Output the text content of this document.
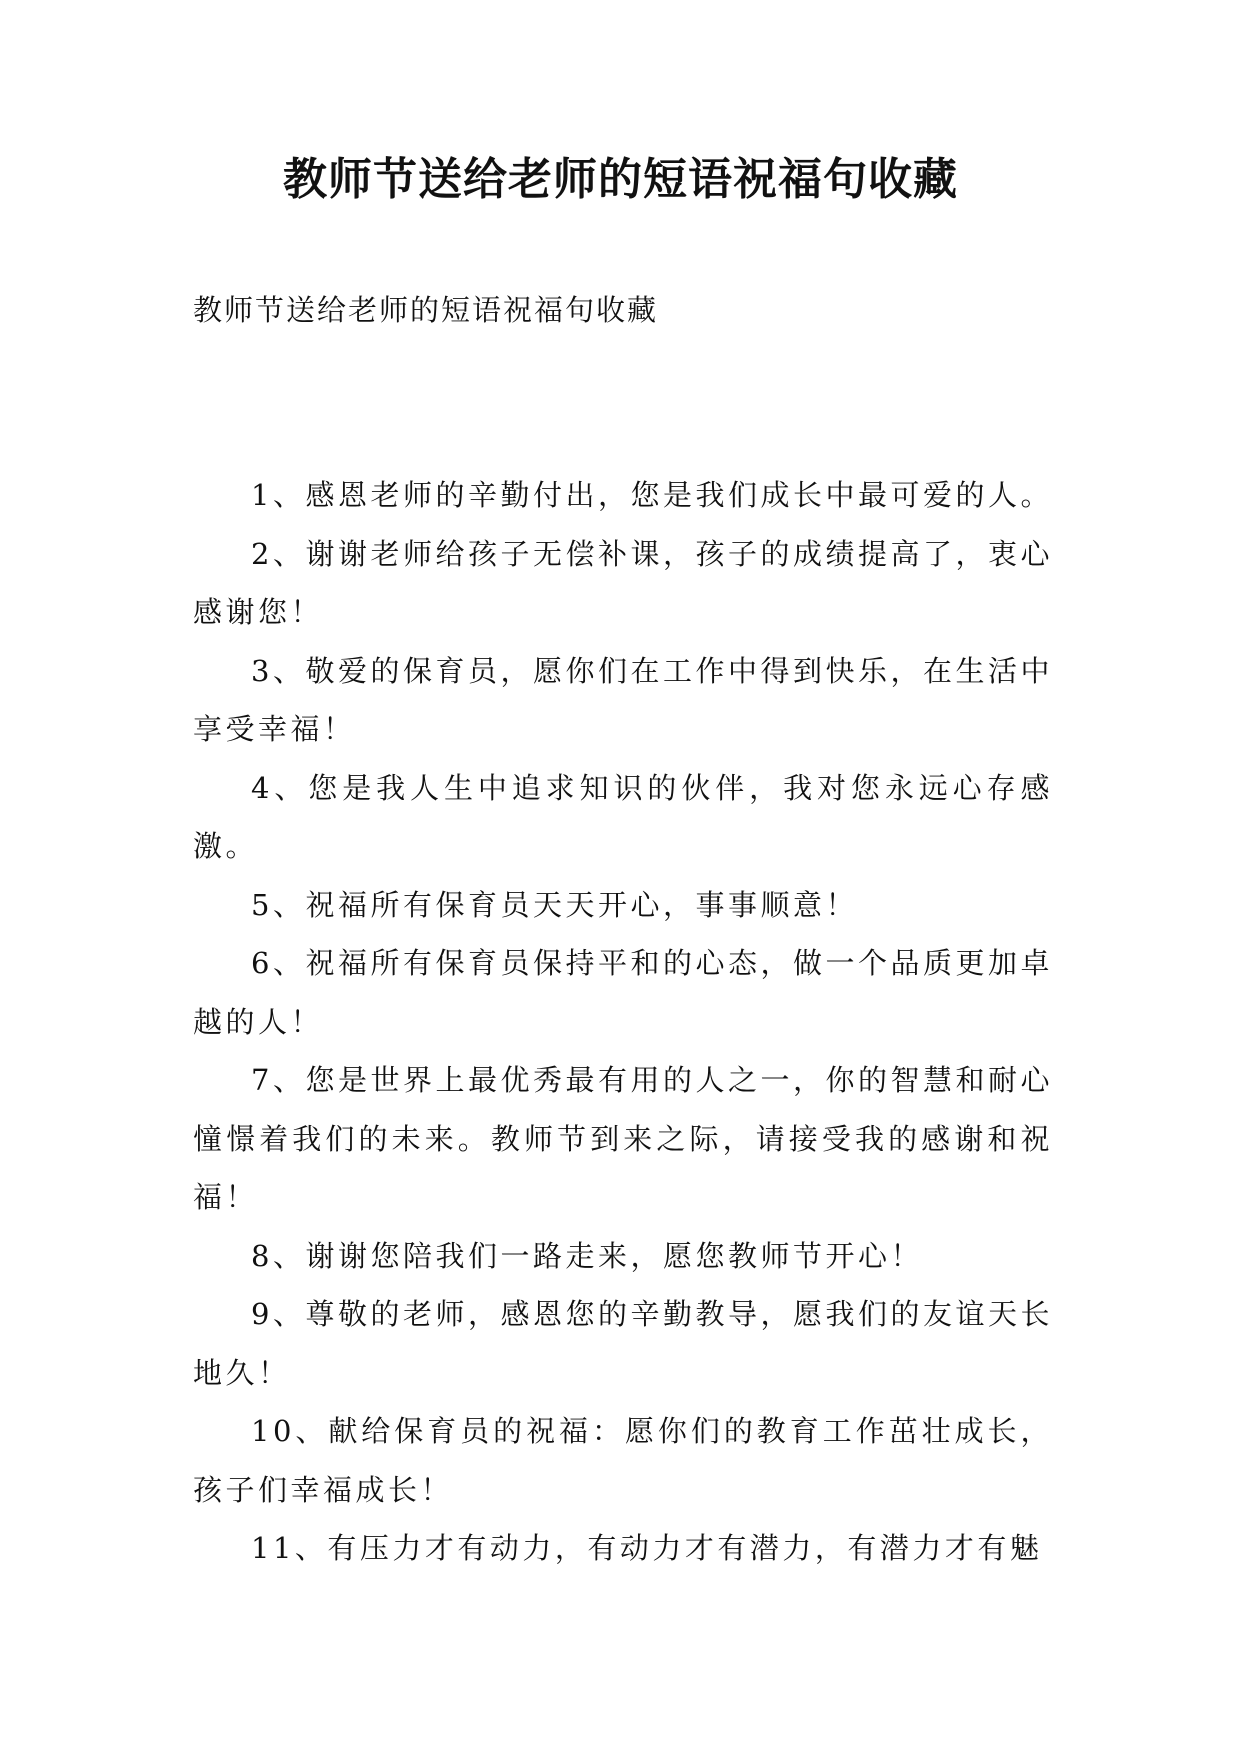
教师节送给老师的短语祝福句收藏
教师节送给老师的短语祝福句收藏

1、感恩老师的辛勤付出，您是我们成长中最可爱的人。

2、谢谢老师给孩子无偿补课，孩子的成绩提高了，衷心感谢您！

3、敬爱的保育员，愿你们在工作中得到快乐，在生活中享受幸福！

4、您是我人生中追求知识的伙伴，我对您永远心存感激。

5、祝福所有保育员天天开心，事事顺意！

6、祝福所有保育员保持平和的心态，做一个品质更加卓越的人！

7、您是世界上最优秀最有用的人之一，你的智慧和耐心憧憬着我们的未来。教师节到来之际，请接受我的感谢和祝福！

8、谢谢您陪我们一路走来，愿您教师节开心！

9、尊敬的老师，感恩您的辛勤教导，愿我们的友谊天长地久！

10、献给保育员的祝福：愿你们的教育工作茁壮成长，孩子们幸福成长！

11、有压力才有动力，有动力才有潜力，有潜力才有魅
